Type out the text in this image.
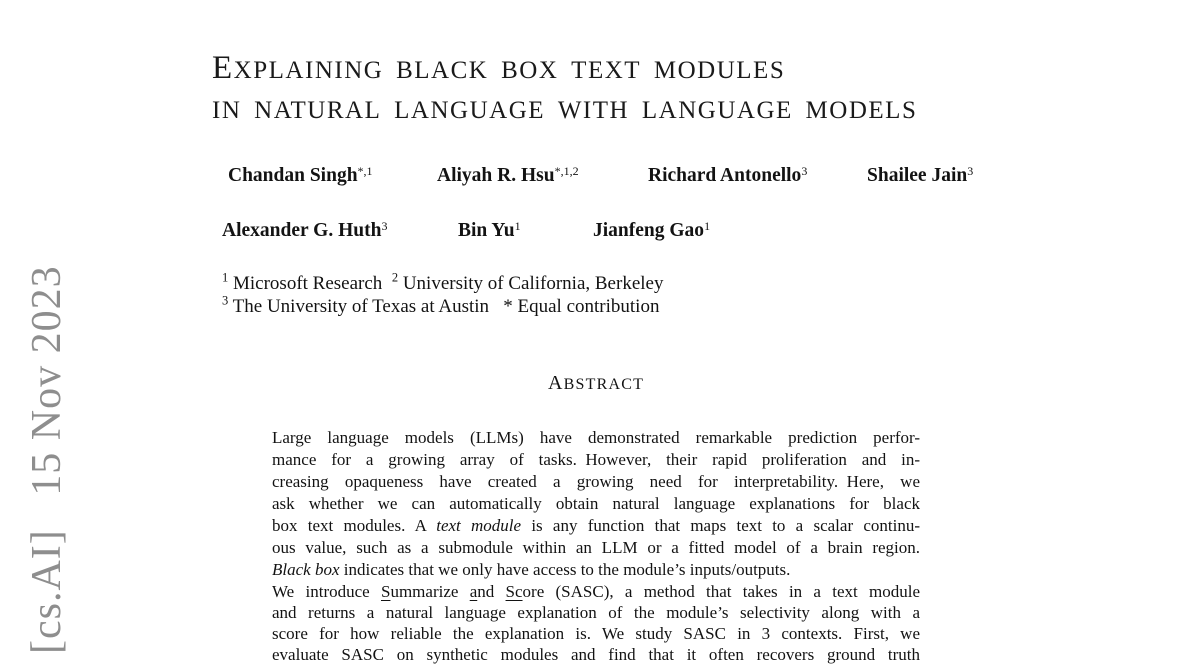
[cs.AI]  15 Nov 2023
EXPLAINING BLACK BOX TEXT MODULES
IN NATURAL LANGUAGE WITH LANGUAGE MODELS
Chandan Singh$^{*,1}$	Aliyah R. Hsu$^{*,1,2}$	Richard Antonello$^3$	Shailee Jain$^3$
Alexander G. Huth$^3$	Bin Yu$^1$	Jianfeng Gao$^1$
$^1$ Microsoft Research $^2$ University of California, Berkeley
$^3$ The University of Texas at Austin  * Equal contribution
ABSTRACT
Large language models (LLMs) have demonstrated remarkable prediction perfor-
mance for a growing array of tasks. However, their rapid proliferation and in-
creasing opaqueness have created a growing need for interpretability. Here, we
ask whether we can automatically obtain natural language explanations for black
box text modules. A text module is any function that maps text to a scalar continu-
ous value, such as a submodule within an LLM or a fitted model of a brain region.
Black box indicates that we only have access to the module’s inputs/outputs.
We introduce Summarize and Score (SASC), a method that takes in a text module
and returns a natural language explanation of the module’s selectivity along with a
score for how reliable the explanation is. We study SASC in 3 contexts. First, we
evaluate SASC on synthetic modules and find that it often recovers ground truth
